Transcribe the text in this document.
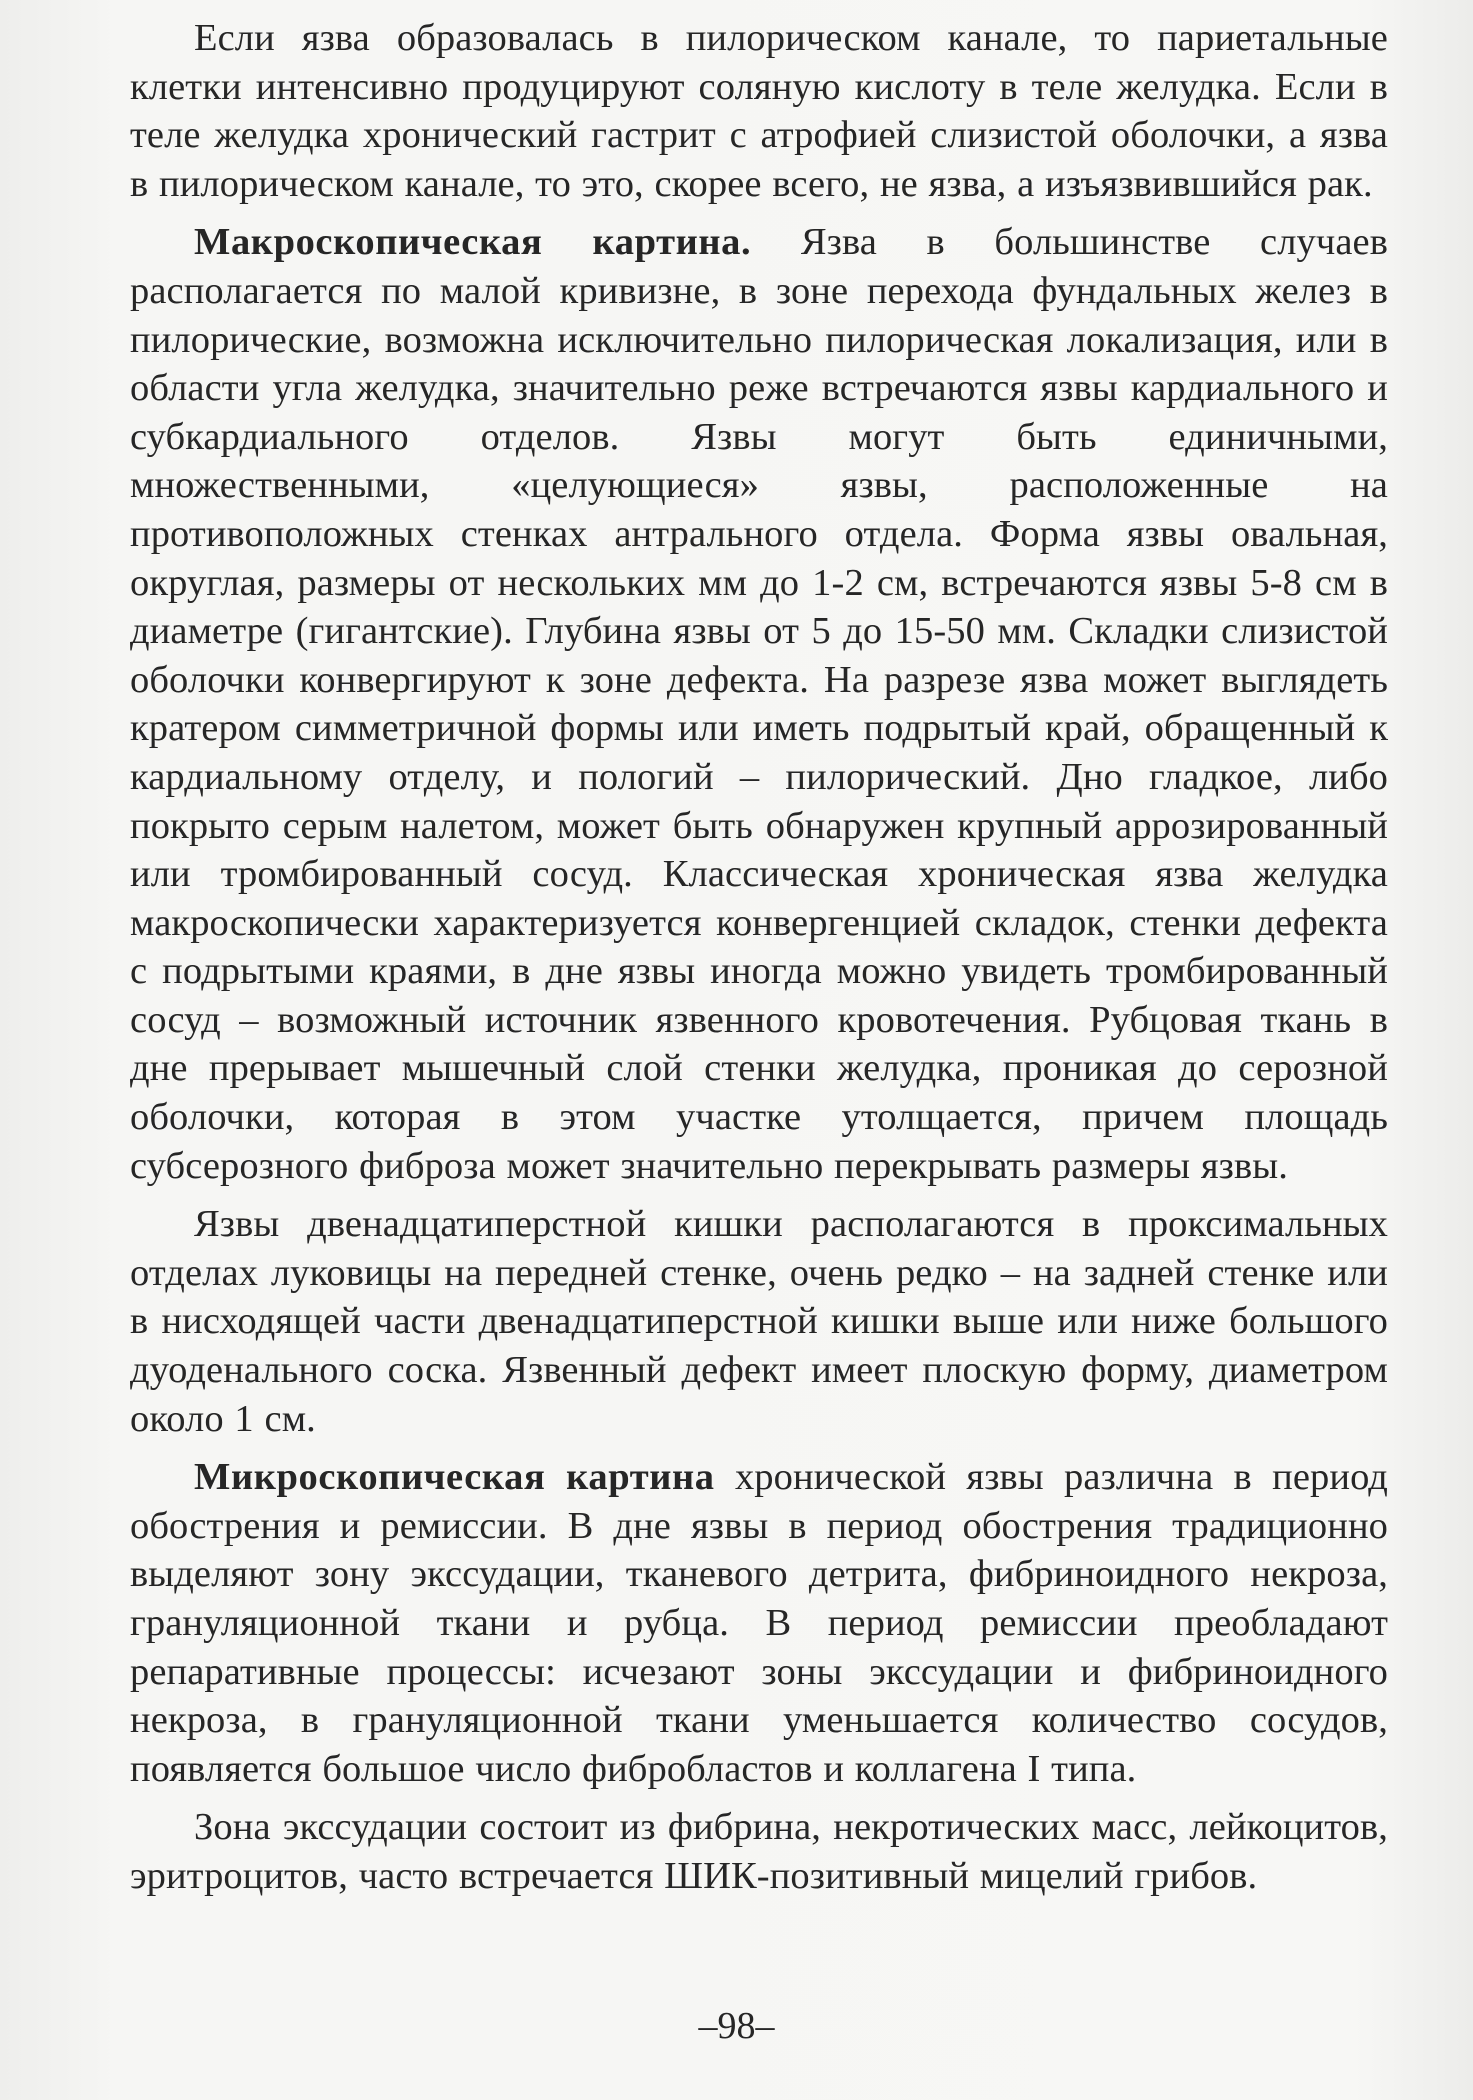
Если язва образовалась в пилорическом канале, то париетальные клетки интенсивно продуцируют соляную кислоту в теле желудка. Если в теле желудка хронический гастрит с атрофией слизистой оболочки, а язва в пилорическом канале, то это, скорее всего, не язва, а изъязвившийся рак.

Макроскопическая картина. Язва в большинстве случаев располагается по малой кривизне, в зоне перехода фундальных желез в пилорические, возможна исключительно пилорическая локализация, или в области угла желудка, значительно реже встречаются язвы кардиального и субкардиального отделов. Язвы могут быть единичными, множественными, «целующиеся» язвы, расположенные на противоположных стенках антрального отдела. Форма язвы овальная, округлая, размеры от нескольких мм до 1-2 см, встречаются язвы 5-8 см в диаметре (гигантские). Глубина язвы от 5 до 15-50 мм. Складки слизистой оболочки конвергируют к зоне дефекта. На разрезе язва может выглядеть кратером симметричной формы или иметь подрытый край, обращенный к кардиальному отделу, и пологий – пилорический. Дно гладкое, либо покрыто серым налетом, может быть обнаружен крупный аррозированный или тромбированный сосуд. Классическая хроническая язва желудка макроскопически характеризуется конвергенцией складок, стенки дефекта с подрытыми краями, в дне язвы иногда можно увидеть тромбированный сосуд – возможный источник язвенного кровотечения. Рубцовая ткань в дне прерывает мышечный слой стенки желудка, проникая до серозной оболочки, которая в этом участке утолщается, причем площадь субсерозного фиброза может значительно перекрывать размеры язвы.

Язвы двенадцатиперстной кишки располагаются в проксимальных отделах луковицы на передней стенке, очень редко – на задней стенке или в нисходящей части двенадцатиперстной кишки выше или ниже большого дуоденального соска. Язвенный дефект имеет плоскую форму, диаметром около 1 см.

Микроскопическая картина хронической язвы различна в период обострения и ремиссии. В дне язвы в период обострения традиционно выделяют зону экссудации, тканевого детрита, фибриноидного некроза, грануляционной ткани и рубца. В период ремиссии преобладают репаративные процессы: исчезают зоны экссудации и фибриноидного некроза, в грануляционной ткани уменьшается количество сосудов, появляется большое число фибробластов и коллагена I типа.

Зона экссудации состоит из фибрина, некротических масс, лейкоцитов, эритроцитов, часто встречается ШИК-позитивный мицелий грибов.

–98–
